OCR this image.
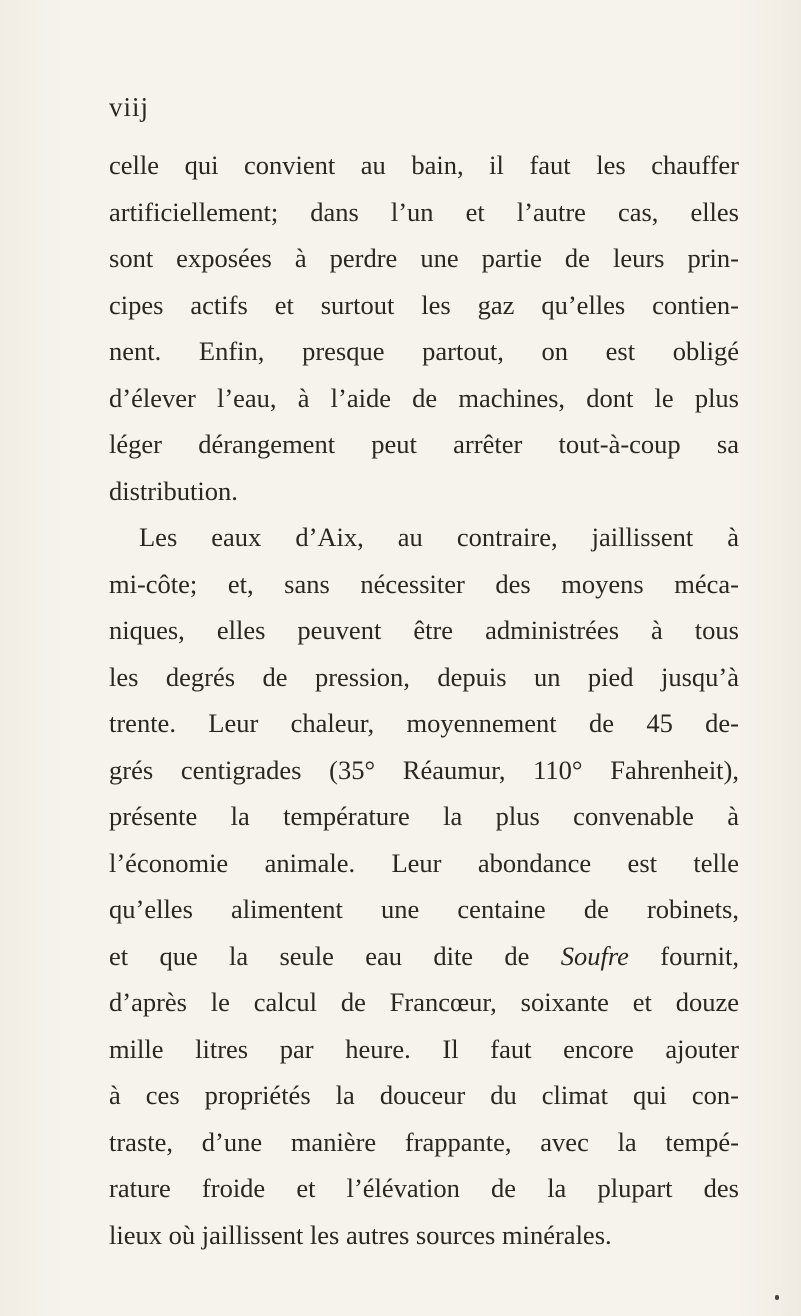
viij
celle qui convient au bain, il faut les chauffer
artificiellement; dans l’un et l’autre cas, elles
sont exposées à perdre une partie de leurs prin-
cipes actifs et surtout les gaz qu’elles contien-
nent. Enfin, presque partout, on est obligé
d’élever l’eau, à l’aide de machines, dont le plus
léger dérangement peut arrêter tout-à-coup sa
distribution.
Les eaux d’Aix, au contraire, jaillissent à
mi-côte; et, sans nécessiter des moyens méca-
niques, elles peuvent être administrées à tous
les degrés de pression, depuis un pied jusqu’à
trente. Leur chaleur, moyennement de 45 de-
grés centigrades (35° Réaumur, 110° Fahrenheit),
présente la température la plus convenable à
l’économie animale. Leur abondance est telle
qu’elles alimentent une centaine de robinets,
et que la seule eau dite de Soufre fournit,
d’après le calcul de Francœur, soixante et douze
mille litres par heure. Il faut encore ajouter
à ces propriétés la douceur du climat qui con-
traste, d’une manière frappante, avec la tempé-
rature froide et l’élévation de la plupart des
lieux où jaillissent les autres sources minérales.
